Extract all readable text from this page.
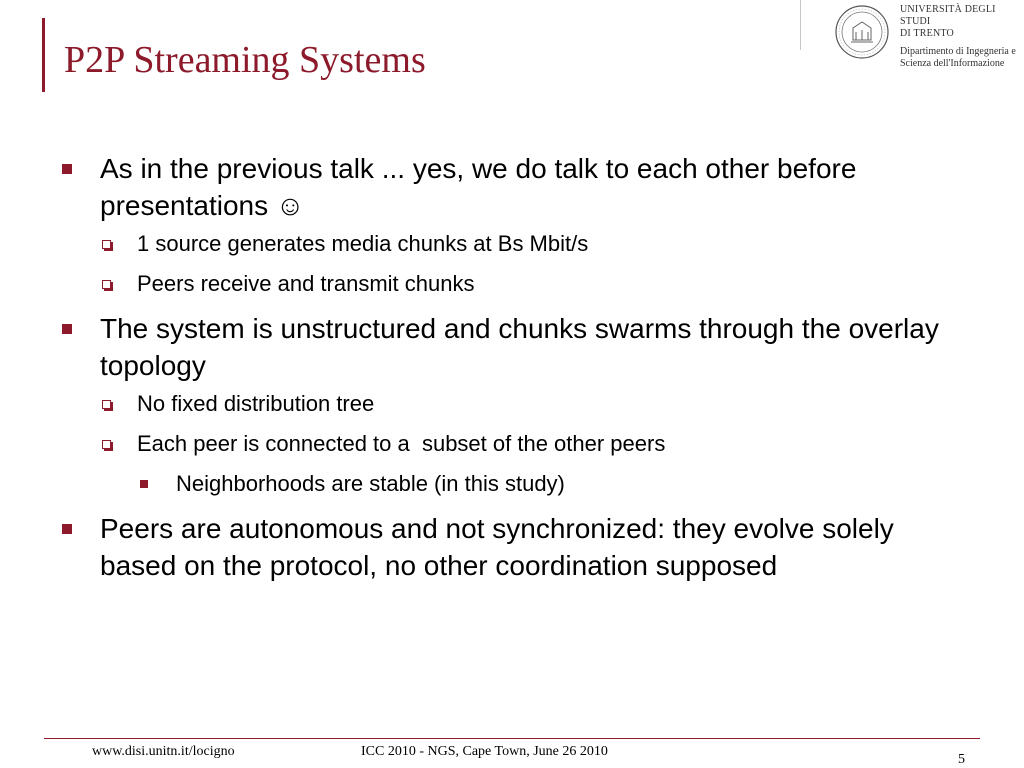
P2P Streaming Systems
UNIVERSITÀ DEGLI STUDI
DI TRENTO
Dipartimento di Ingegneria e
Scienza dell'Informazione
As in the previous talk ... yes, we do talk to each other before presentations ☺
1 source generates media chunks at Bs Mbit/s
Peers receive and transmit chunks
The system is unstructured and chunks swarms through the overlay topology
No fixed distribution tree
Each peer is connected to a  subset of the other peers
Neighborhoods are stable (in this study)
Peers are autonomous and not synchronized: they evolve solely based on the protocol, no other coordination supposed
www.disi.unitn.it/locigno	ICC 2010 - NGS, Cape Town, June 26 2010
5
